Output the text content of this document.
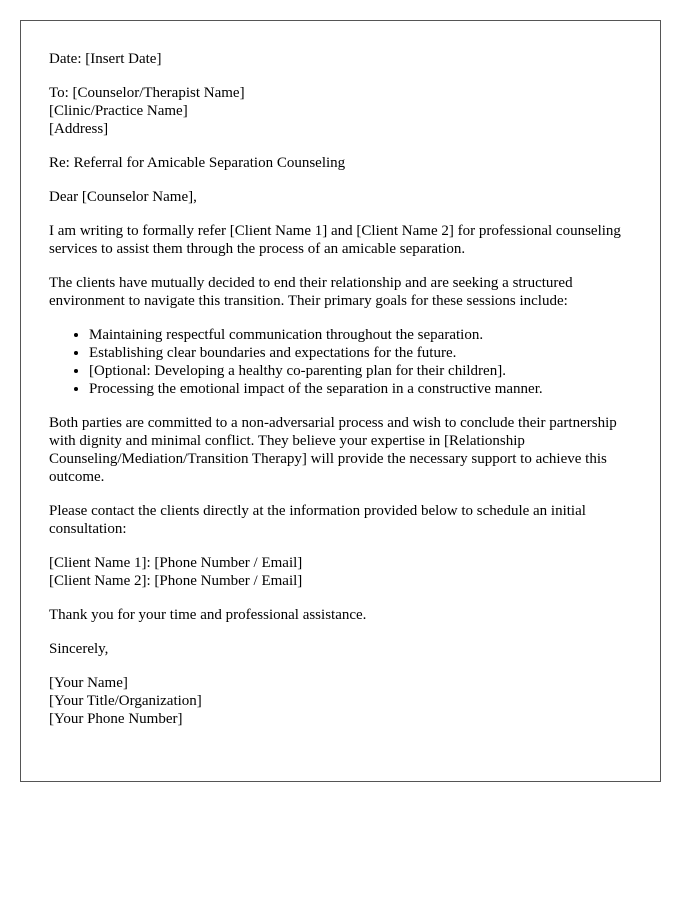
Date: [Insert Date]

To: [Counselor/Therapist Name]
[Clinic/Practice Name]
[Address]

Re: Referral for Amicable Separation Counseling

Dear [Counselor Name],

I am writing to formally refer [Client Name 1] and [Client Name 2] for professional counseling services to assist them through the process of an amicable separation.

The clients have mutually decided to end their relationship and are seeking a structured environment to navigate this transition. Their primary goals for these sessions include:

• Maintaining respectful communication throughout the separation.
• Establishing clear boundaries and expectations for the future.
• [Optional: Developing a healthy co-parenting plan for their children].
• Processing the emotional impact of the separation in a constructive manner.

Both parties are committed to a non-adversarial process and wish to conclude their partnership with dignity and minimal conflict. They believe your expertise in [Relationship Counseling/Mediation/Transition Therapy] will provide the necessary support to achieve this outcome.

Please contact the clients directly at the information provided below to schedule an initial consultation:

[Client Name 1]: [Phone Number / Email]
[Client Name 2]: [Phone Number / Email]

Thank you for your time and professional assistance.

Sincerely,

[Your Name]
[Your Title/Organization]
[Your Phone Number]
